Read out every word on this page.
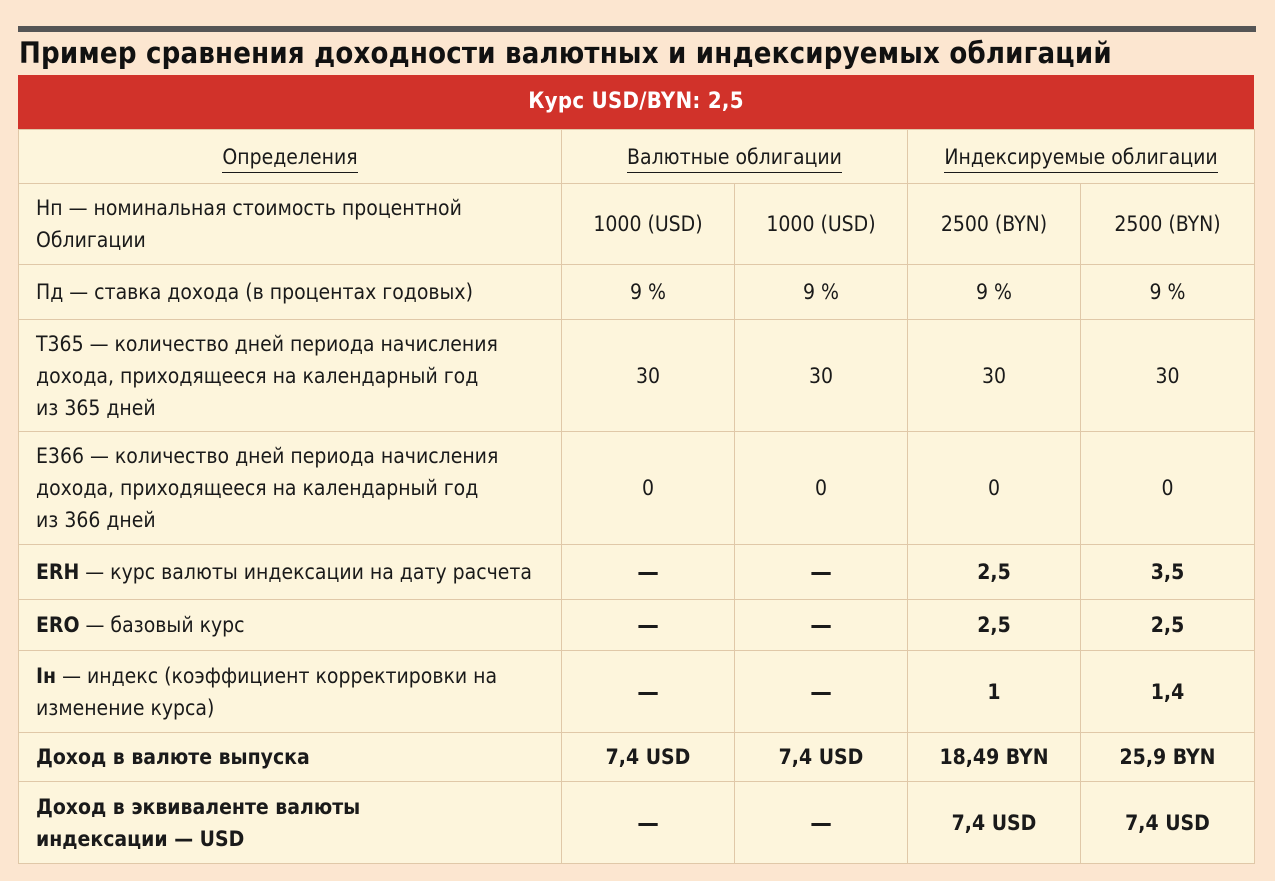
Пример сравнения доходности валютных и индексируемых облигаций
Курс USD/BYN: 2,5
Определения	Валютные облигации		Индексируемые облигации	
Нп — номинальная стоимость процентной Облигации	1000 (USD)	1000 (USD)	2500 (BYN)	2500 (BYN)
Пд — ставка дохода (в процентах годовых)	9 %	9 %	9 %	9 %
Т365 — количество дней периода начисления дохода, приходящееся на календарный год из 365 дней	30	30	30	30
Е366 — количество дней периода начисления дохода, приходящееся на календарный год из 366 дней	0	0	0	0
ERH — курс валюты индексации на дату расчета	—	—	2,5	3,5
ERO — базовый курс	—	—	2,5	2,5
Iн — индекс (коэффициент корректировки на изменение курса)	—	—	1	1,4
Доход в валюте выпуска	7,4 USD	7,4 USD	18,49 BYN	25,9 BYN
Доход в эквиваленте валюты индексации — USD	—	—	7,4 USD	7,4 USD
